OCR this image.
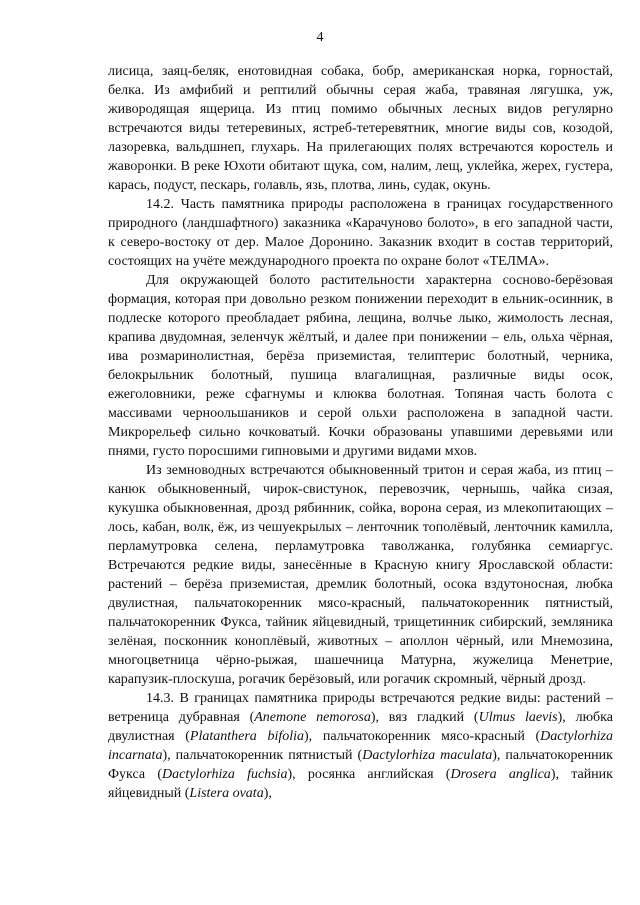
4

лисица, заяц-беляк, енотовидная собака, бобр, американская норка, горностай, белка. Из амфибий и рептилий обычны серая жаба, травяная лягушка, уж, живородящая ящерица. Из птиц помимо обычных лесных видов регулярно встречаются виды тетеревиных, ястреб-тетеревятник, многие виды сов, козодой, лазоревка, вальдшнеп, глухарь. На прилегающих полях встречаются коростель и жаворонки. В реке Юхоти обитают щука, сом, налим, лещ, уклейка, жерех, густера, карась, подуст, пескарь, голавль, язь, плотва, линь, судак, окунь.

14.2. Часть памятника природы расположена в границах государственного природного (ландшафтного) заказника «Карачуново болото», в его западной части, к северо-востоку от дер. Малое Доронино. Заказник входит в состав территорий, состоящих на учёте международного проекта по охране болот «ТЕЛМА».

Для окружающей болото растительности характерна сосново-берёзовая формация, которая при довольно резком понижении переходит в ельник-осинник, в подлеске которого преобладает рябина, лещина, волчье лыко, жимолость лесная, крапива двудомная, зеленчук жёлтый, и далее при понижении – ель, ольха чёрная, ива розмаринолистная, берёза приземистая, телиптерис болотный, черника, белокрыльник болотный, пушица влагалищная, различные виды осок, ежеголовники, реже сфагнумы и клюква болотная. Топяная часть болота с массивами черноольшаников и серой ольхи расположена в западной части. Микрорельеф сильно кочковатый. Кочки образованы упавшими деревьями или пнями, густо поросшими гипновыми и другими видами мхов.

Из земноводных встречаются обыкновенный тритон и серая жаба, из птиц – канюк обыкновенный, чирок-свистунок, перевозчик, чернышь, чайка сизая, кукушка обыкновенная, дрозд рябинник, сойка, ворона серая, из млекопитающих – лось, кабан, волк, ёж, из чешуекрылых – ленточник тополёвый, ленточник камилла, перламутровка селена, перламутровка таволжанка, голубянка семиаргус. Встречаются редкие виды, занесённые в Красную книгу Ярославской области: растений – берёза приземистая, дремлик болотный, осока вздутоносная, любка двулистная, пальчатокоренник мясо-красный, пальчатокоренник пятнистый, пальчатокоренник Фукса, тайник яйцевидный, трищетинник сибирский, земляника зелёная, посконник коноплёвый, животных – аполлон чёрный, или Мнемозина, многоцветница чёрно-рыжая, шашечница Матурна, жужелица Менетрие, карапузик-плоскуша, рогачик берёзовый, или рогачик скромный, чёрный дрозд.

14.3. В границах памятника природы встречаются редкие виды: растений – ветреница дубравная (Anemone nemorosa), вяз гладкий (Ulmus laevis), любка двулистная (Platanthera bifolia), пальчатокоренник мясо-красный (Dactylorhiza incarnata), пальчатокоренник пятнистый (Dactylorhiza maculata), пальчатокоренник Фукса (Dactylorhiza fuchsia), росянка английская (Drosera anglica), тайник яйцевидный (Listera ovata),
